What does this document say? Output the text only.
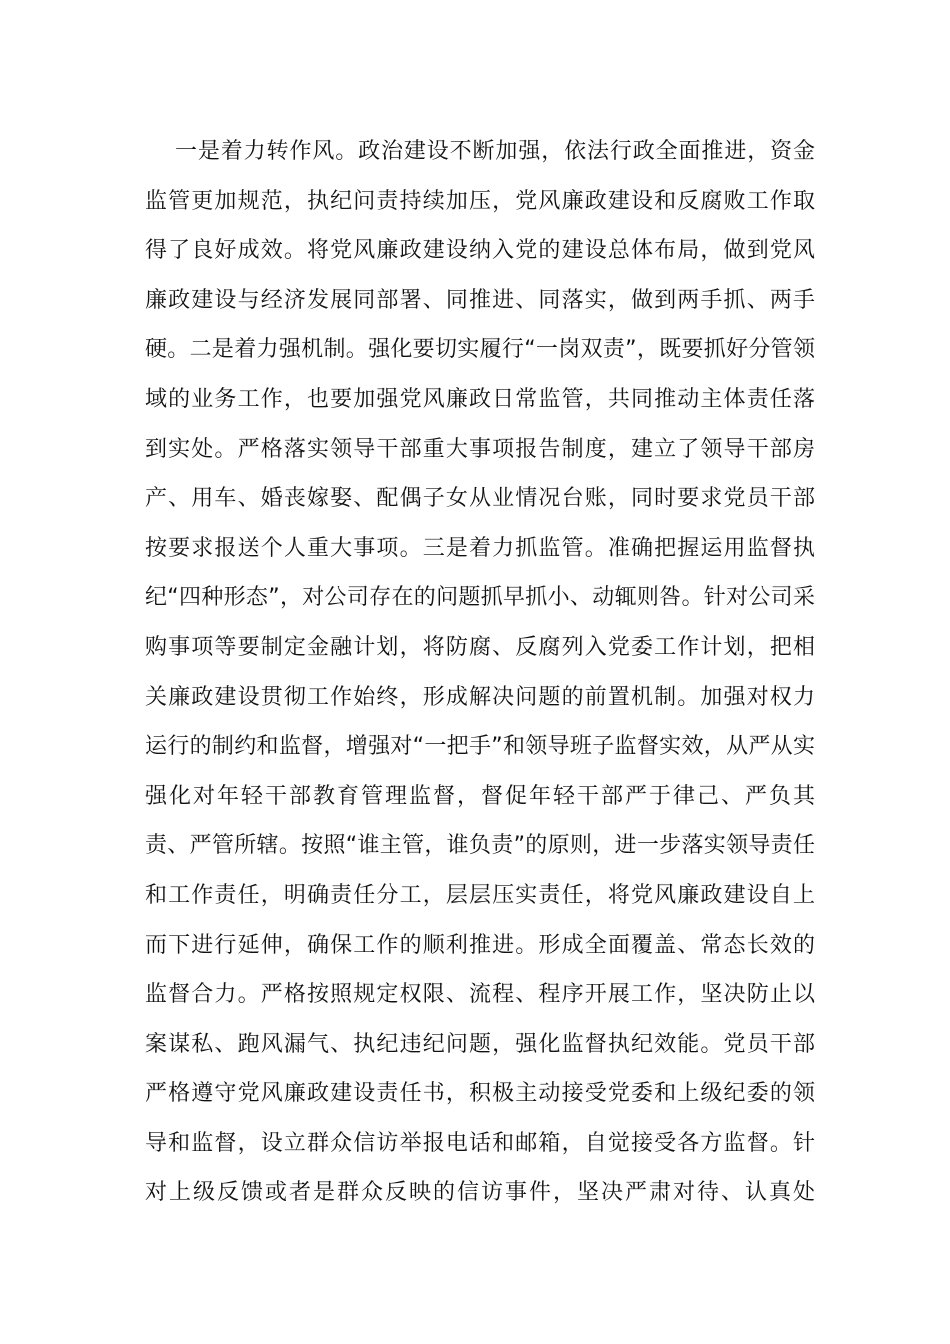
一是着力转作风。政治建设不断加强，依法行政全面推进，资金
监管更加规范，执纪问责持续加压，党风廉政建设和反腐败工作取
得了良好成效。将党风廉政建设纳入党的建设总体布局，做到党风
廉政建设与经济发展同部署、同推进、同落实，做到两手抓、两手
硬。二是着力强机制。强化要切实履行“一岗双责”，既要抓好分管领
域的业务工作，也要加强党风廉政日常监管，共同推动主体责任落
到实处。严格落实领导干部重大事项报告制度，建立了领导干部房
产、用车、婚丧嫁娶、配偶子女从业情况台账，同时要求党员干部
按要求报送个人重大事项。三是着力抓监管。准确把握运用监督执
纪“四种形态”，对公司存在的问题抓早抓小、动辄则咎。针对公司采
购事项等要制定金融计划，将防腐、反腐列入党委工作计划，把相
关廉政建设贯彻工作始终，形成解决问题的前置机制。加强对权力
运行的制约和监督，增强对“一把手”和领导班子监督实效，从严从实
强化对年轻干部教育管理监督，督促年轻干部严于律己、严负其
责、严管所辖。按照“谁主管，谁负责”的原则，进一步落实领导责任
和工作责任，明确责任分工，层层压实责任，将党风廉政建设自上
而下进行延伸，确保工作的顺利推进。形成全面覆盖、常态长效的
监督合力。严格按照规定权限、流程、程序开展工作，坚决防止以
案谋私、跑风漏气、执纪违纪问题，强化监督执纪效能。党员干部
严格遵守党风廉政建设责任书，积极主动接受党委和上级纪委的领
导和监督，设立群众信访举报电话和邮箱，自觉接受各方监督。针
对上级反馈或者是群众反映的信访事件，坚决严肃对待、认真处
